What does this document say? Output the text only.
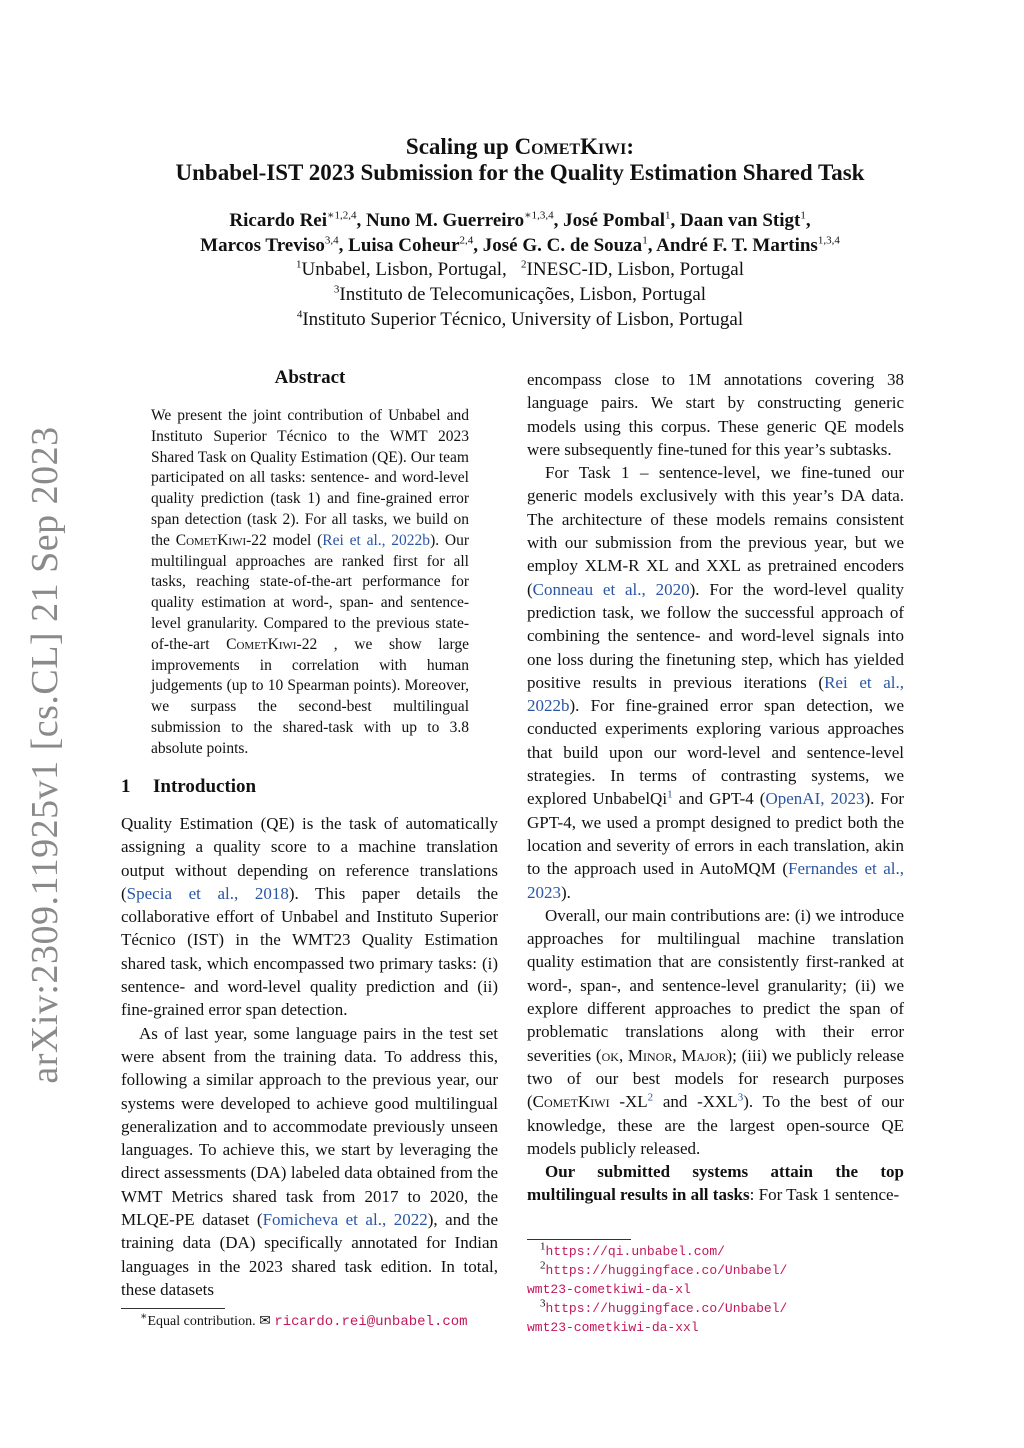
arXiv:2309.11925v1 [cs.CL] 21 Sep 2023
Scaling up CometKiwi:
Unbabel-IST 2023 Submission for the Quality Estimation Shared Task
Ricardo Rei$^{∗1,2,4}$, Nuno M. Guerreiro$^{∗1,3,4}$, José Pombal$^1$, Daan van Stigt$^1$,
Marcos Treviso$^{3,4}$, Luisa Coheur$^{2,4}$, José G. C. de Souza$^1$, André F. T. Martins$^{1,3,4}$
$^1$Unbabel, Lisbon, Portugal, $^2$INESC-ID, Lisbon, Portugal
$^3$Instituto de Telecomunicações, Lisbon, Portugal
$^4$Instituto Superior Técnico, University of Lisbon, Portugal
Abstract
We present the joint contribution of Unbabel and Instituto Superior Técnico to the WMT 2023 Shared Task on Quality Estimation (QE). Our team participated on all tasks: sentence- and word-level quality prediction (task 1) and fine-grained error span detection (task 2). For all tasks, we build on the CometKiwi-22 model (Rei et al., 2022b). Our multilingual approaches are ranked first for all tasks, reaching state-of-the-art performance for quality estimation at word-, span- and sentence-level granularity. Compared to the previous state-of-the-art CometKiwi-22 , we show large improvements in correlation with human judgements (up to 10 Spearman points). Moreover, we surpass the second-best multilingual submission to the shared-task with up to 3.8 absolute points.
1 Introduction

Quality Estimation (QE) is the task of automatically assigning a quality score to a machine translation output without depending on reference translations (Specia et al., 2018). This paper details the collaborative effort of Unbabel and Instituto Superior Técnico (IST) in the WMT23 Quality Estimation shared task, which encompassed two primary tasks: (i) sentence- and word-level quality prediction and (ii) fine-grained error span detection.

As of last year, some language pairs in the test set were absent from the training data. To address this, following a similar approach to the previous year, our systems were developed to achieve good multilingual generalization and to accommodate previously unseen languages. To achieve this, we start by leveraging the direct assessments (DA) labeled data obtained from the WMT Metrics shared task from 2017 to 2020, the MLQE-PE dataset (Fomicheva et al., 2022), and the training data (DA) specifically annotated for Indian languages in the 2023 shared task edition. In total, these datasets

encompass close to 1M annotations covering 38 language pairs. We start by constructing generic models using this corpus. These generic QE models were subsequently fine-tuned for this year’s subtasks.

For Task 1 – sentence-level, we fine-tuned our generic models exclusively with this year’s DA data. The architecture of these models remains consistent with our submission from the previous year, but we employ XLM-R XL and XXL as pretrained encoders (Conneau et al., 2020). For the word-level quality prediction task, we follow the successful approach of combining the sentence- and word-level signals into one loss during the finetuning step, which has yielded positive results in previous iterations (Rei et al., 2022b). For fine-grained error span detection, we conducted experiments exploring various approaches that build upon our word-level and sentence-level strategies. In terms of contrasting systems, we explored UnbabelQi$^1$ and GPT-4 (OpenAI, 2023). For GPT-4, we used a prompt designed to predict both the location and severity of errors in each translation, akin to the approach used in AutoMQM (Fernandes et al., 2023).

Overall, our main contributions are: (i) we introduce approaches for multilingual machine translation quality estimation that are consistently first-ranked at word-, span-, and sentence-level granularity; (ii) we explore different approaches to predict the span of problematic translations along with their error severities (ok, Minor, Major); (iii) we publicly release two of our best models for research purposes (CometKiwi -XL$^2$ and -XXL$^3$). To the best of our knowledge, these are the largest open-source QE models publicly released.

Our submitted systems attain the top multilingual results in all tasks: For Task 1 sentence-

∗Equal contribution. ✉ ricardo.rei@unbabel.com
$^1$https://qi.unbabel.com/
$^2$https://huggingface.co/Unbabel/
wmt23-cometkiwi-da-xl
$^3$https://huggingface.co/Unbabel/
wmt23-cometkiwi-da-xxl
